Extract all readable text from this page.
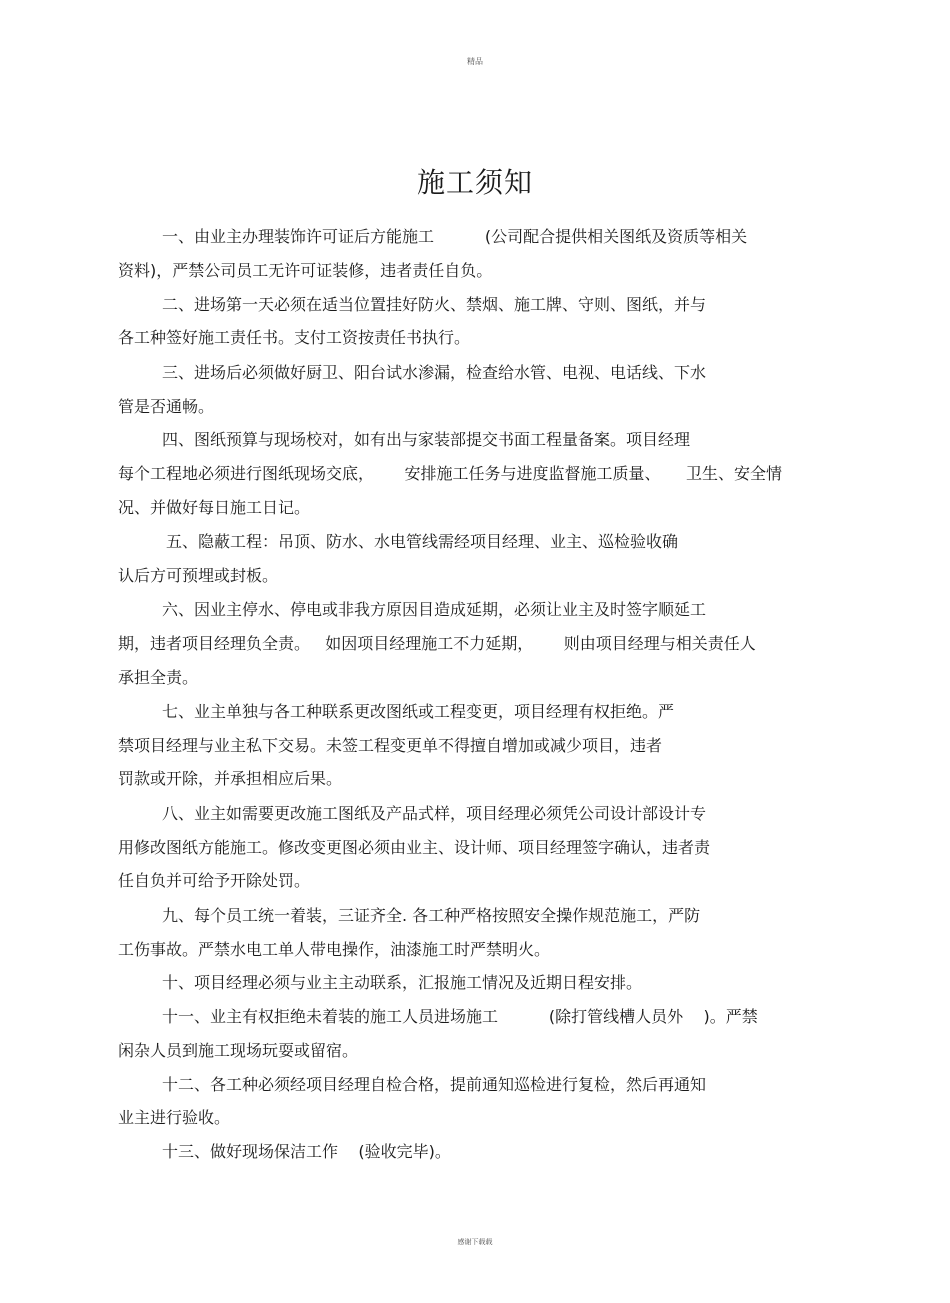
精品
施工须知
一、由业主办理装饰许可证后方能施工          (公司配合提供相关图纸及资质等相关
资料)，严禁公司员工无许可证装修，违者责任自负。
二、进场第一天必须在适当位置挂好防火、禁烟、施工牌、守则、图纸，并与
各工种签好施工责任书。支付工资按责任书执行。
三、进场后必须做好厨卫、阳台试水渗漏，检查给水管、电视、电话线、下水
管是否通畅。
四、图纸预算与现场校对，如有出与家装部提交书面工程量备案。项目经理
每个工程地必须进行图纸现场交底，      安排施工任务与进度监督施工质量、     卫生、安全情
况、并做好每日施工日记。
五、隐蔽工程：吊顶、防水、水电管线需经项目经理、业主、巡检验收确
认后方可预埋或封板。
六、因业主停水、停电或非我方原因目造成延期，必须让业主及时签字顺延工
期，违者项目经理负全责。   如因项目经理施工不力延期，      则由项目经理与相关责任人
承担全责。
七、业主单独与各工种联系更改图纸或工程变更，项目经理有权拒绝。严
禁项目经理与业主私下交易。未签工程变更单不得擅自增加或减少项目，违者
罚款或开除，并承担相应后果。
八、业主如需要更改施工图纸及产品式样，项目经理必须凭公司设计部设计专
用修改图纸方能施工。修改变更图必须由业主、设计师、项目经理签字确认，违者责
任自负并可给予开除处罚。
九、每个员工统一着装，三证齐全. 各工种严格按照安全操作规范施工，严防
工伤事故。严禁水电工单人带电操作，油漆施工时严禁明火。
十、项目经理必须与业主主动联系，汇报施工情况及近期日程安排。
十一、业主有权拒绝未着装的施工人员进场施工          (除打管线槽人员外    )。严禁
闲杂人员到施工现场玩耍或留宿。
十二、各工种必须经项目经理自检合格，提前通知巡检进行复检，然后再通知
业主进行验收。
十三、做好现场保洁工作    (验收完毕)。
感谢下载载
